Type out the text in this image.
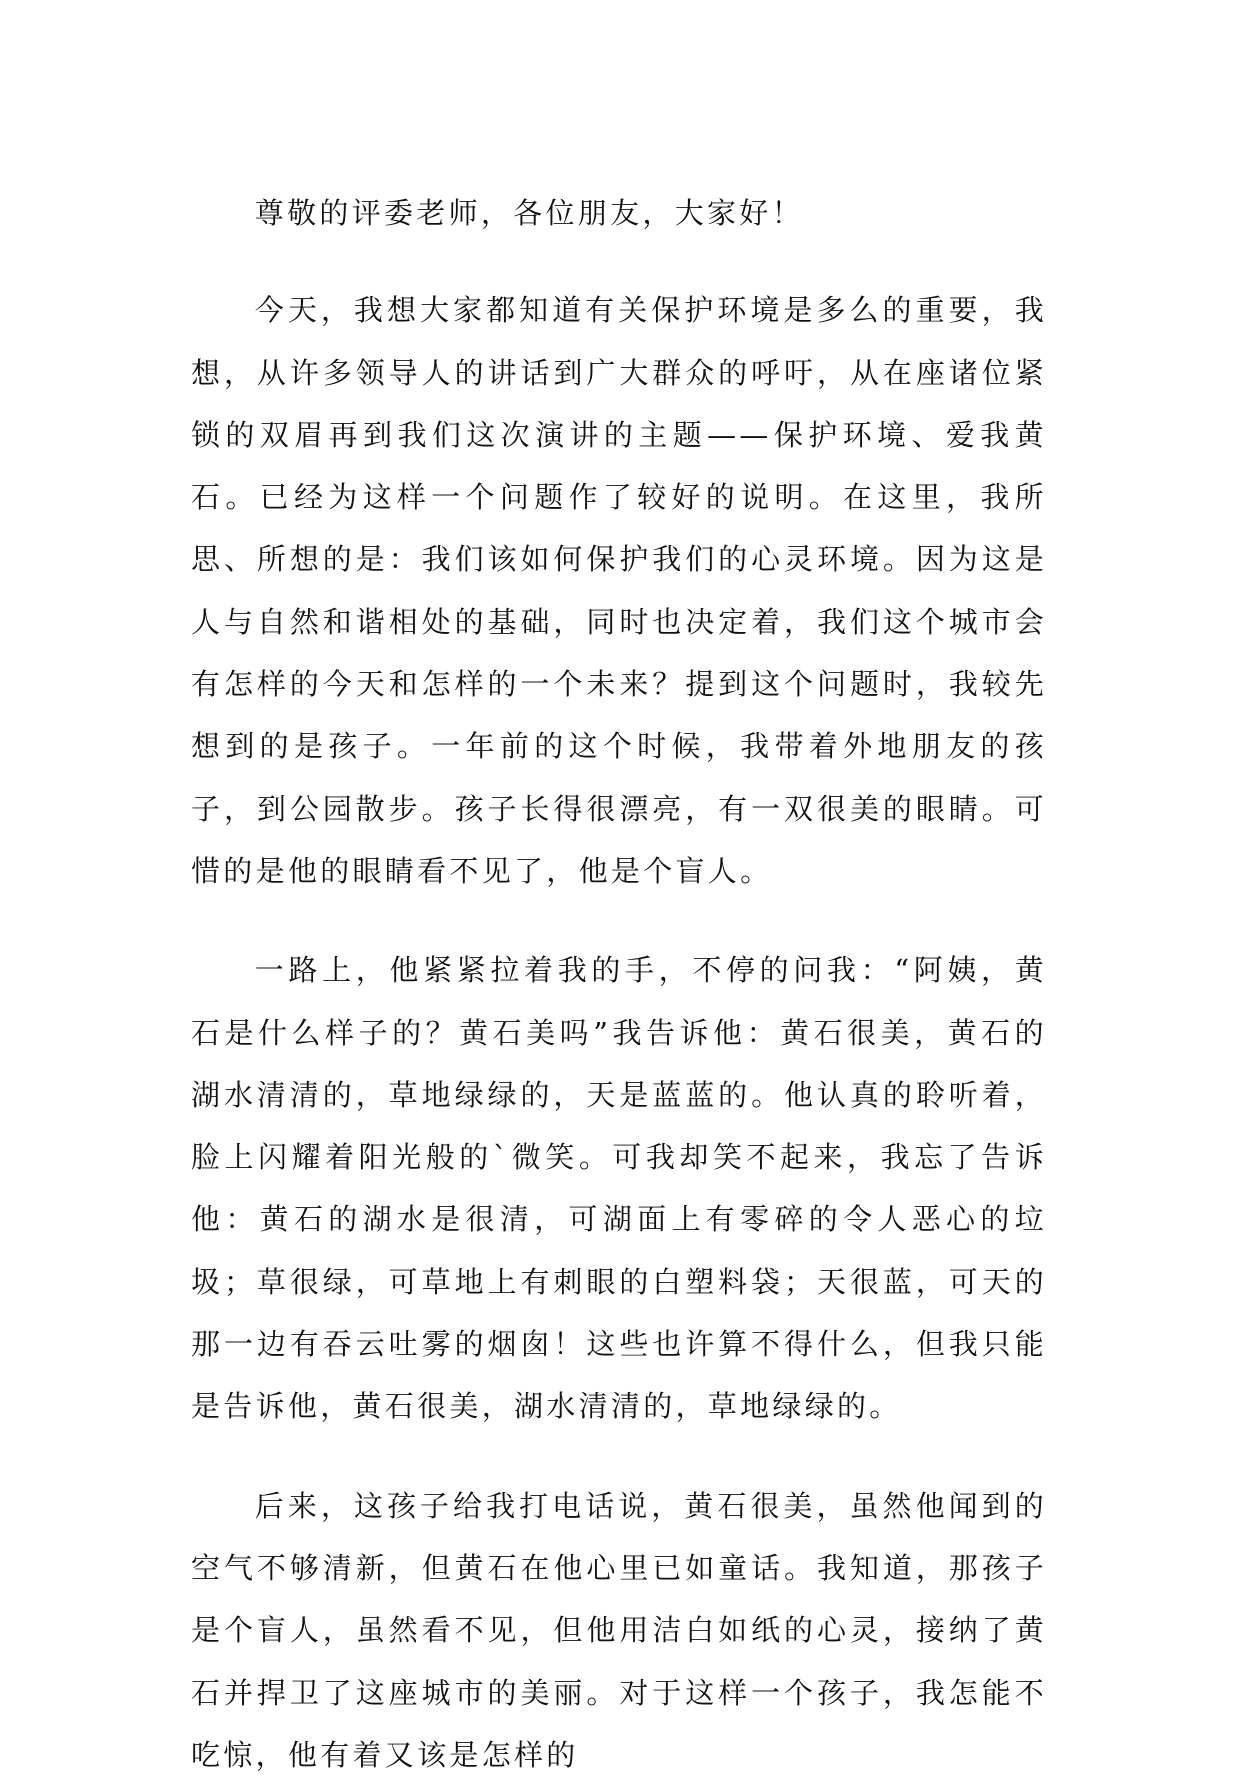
尊敬的评委老师，各位朋友，大家好！

今天，我想大家都知道有关保护环境是多么的重要，我想，从许多领导人的讲话到广大群众的呼吁，从在座诸位紧锁的双眉再到我们这次演讲的主题——保护环境、爱我黄石。已经为这样一个问题作了较好的说明。在这里，我所思、所想的是：我们该如何保护我们的心灵环境。因为这是人与自然和谐相处的基础，同时也决定着，我们这个城市会有怎样的今天和怎样的一个未来？提到这个问题时，我较先想到的是孩子。一年前的这个时候，我带着外地朋友的孩子，到公园散步。孩子长得很漂亮，有一双很美的眼睛。可惜的是他的眼睛看不见了，他是个盲人。

一路上，他紧紧拉着我的手，不停的问我：“阿姨，黄石是什么样子的？黄石美吗”我告诉他：黄石很美，黄石的湖水清清的，草地绿绿的，天是蓝蓝的。他认真的聆听着，脸上闪耀着阳光般的`微笑。可我却笑不起来，我忘了告诉他：黄石的湖水是很清，可湖面上有零碎的令人恶心的垃圾；草很绿，可草地上有刺眼的白塑料袋；天很蓝，可天的那一边有吞云吐雾的烟囱！这些也许算不得什么，但我只能是告诉他，黄石很美，湖水清清的，草地绿绿的。

后来，这孩子给我打电话说，黄石很美，虽然他闻到的空气不够清新，但黄石在他心里已如童话。我知道，那孩子是个盲人，虽然看不见，但他用洁白如纸的心灵，接纳了黄石并捍卫了这座城市的美丽。对于这样一个孩子，我怎能不吃惊，他有着又该是怎样的
